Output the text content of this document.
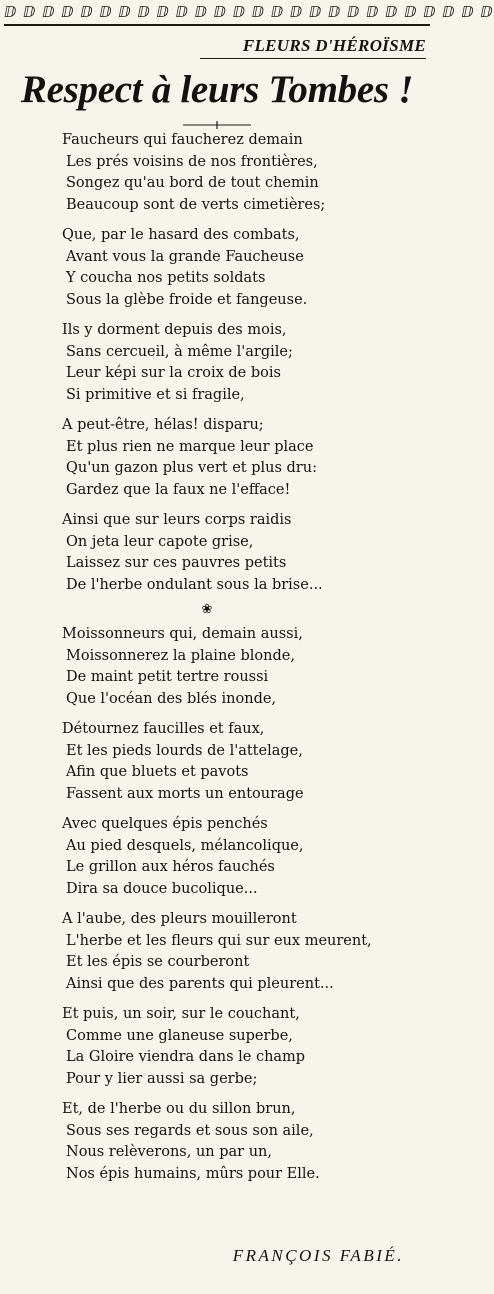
ⅅ ⅅ ⅅ ⅅ ⅅ ⅅ ⅅ ⅅ ⅅ ⅅ ⅅ ⅅ ⅅ ⅅ ⅅ ⅅ ⅅ ⅅ ⅅ ⅅ ⅅ ⅅ ⅅ ⅅ ⅅ ⅅ
FLEURS D'HÉROÏSME
Respect à leurs Tombes !
Faucheurs qui faucherez demain
Les prés voisins de nos frontières,
Songez qu'au bord de tout chemin
Beaucoup sont de verts cimetières;
Que, par le hasard des combats,
Avant vous la grande Faucheuse
Y coucha nos petits soldats
Sous la glèbe froide et fangeuse.
Ils y dorment depuis des mois,
Sans cercueil, à même l'argile;
Leur képi sur la croix de bois
Si primitive et si fragile,
A peut-être, hélas! disparu;
Et plus rien ne marque leur place
Qu'un gazon plus vert et plus dru:
Gardez que la faux ne l'efface!
Ainsi que sur leurs corps raidis
On jeta leur capote grise,
Laissez sur ces pauvres petits
De l'herbe ondulant sous la brise...
❀
Moissonneurs qui, demain aussi,
Moissonnerez la plaine blonde,
De maint petit tertre roussi
Que l'océan des blés inonde,
Détournez faucilles et faux,
Et les pieds lourds de l'attelage,
Afin que bluets et pavots
Fassent aux morts un entourage
Avec quelques épis penchés
Au pied desquels, mélancolique,
Le grillon aux héros fauchés
Dira sa douce bucolique...
A l'aube, des pleurs mouilleront
L'herbe et les fleurs qui sur eux meurent,
Et les épis se courberont
Ainsi que des parents qui pleurent...
Et puis, un soir, sur le couchant,
Comme une glaneuse superbe,
La Gloire viendra dans le champ
Pour y lier aussi sa gerbe;
Et, de l'herbe ou du sillon brun,
Sous ses regards et sous son aile,
Nous relèverons, un par un,
Nos épis humains, mûrs pour Elle.
FRANÇOIS FABIÉ.
